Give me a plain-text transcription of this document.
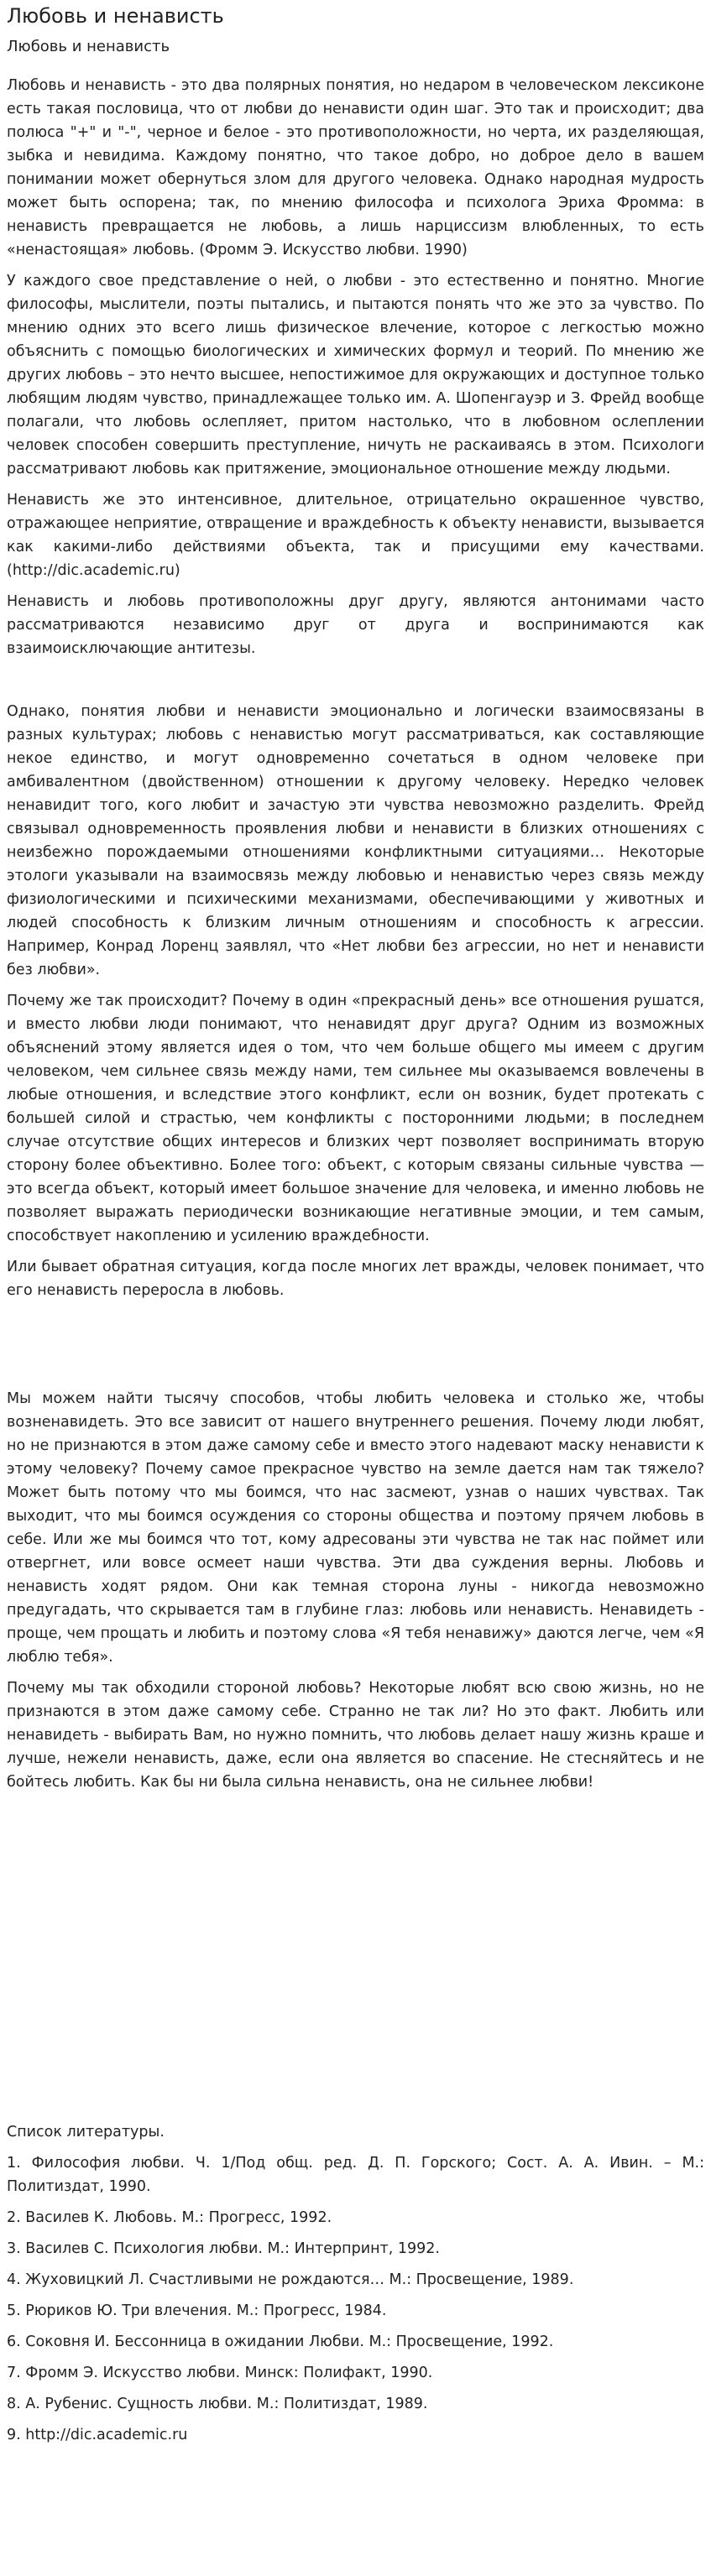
Любовь и ненависть
Любовь и ненависть

Любовь и ненависть - это два полярных понятия, но недаром в человеческом лексиконе есть такая пословица, что от любви до ненависти один шаг. Это так и происходит; два полюса "+" и "-", черное и белое - это противоположности, но черта, их разделяющая, зыбка и невидима. Каждому понятно, что такое добро, но доброе дело в вашем понимании может обернуться злом для другого человека. Однако народная мудрость может быть оспорена; так, по мнению философа и психолога Эриха Фромма: в ненависть превращается не любовь, а лишь нарциссизм влюбленных, то есть «ненастоящая» любовь. (Фромм Э. Искусство любви. 1990)

У каждого свое представление о ней, о любви - это естественно и понятно. Многие философы, мыслители, поэты пытались, и пытаются понять что же это за чувство. По мнению одних это всего лишь физическое влечение, которое с легкостью можно объяснить с помощью биологических и химических формул и теорий. По мнению же других любовь – это нечто высшее, непостижимое для окружающих и доступное только любящим людям чувство, принадлежащее только им. А. Шопенгауэр и З. Фрейд вообще полагали, что любовь ослепляет, притом настолько, что в любовном ослеплении человек способен совершить преступление, ничуть не раскаиваясь в этом. Психологи рассматривают любовь как притяжение, эмоциональное отношение между людьми.

Ненависть же это интенсивное, длительное, отрицательно окрашенное чувство, отражающее неприятие, отвращение и враждебность к объекту ненависти, вызывается как какими-либо действиями объекта, так и присущими ему качествами.(http://dic.academic.ru)

Ненависть и любовь противоположны друг другу, являются антонимами часто рассматриваются независимо друг от друга и воспринимаются как взаимоисключающие антитезы.

Однако, понятия любви и ненависти эмоционально и логически взаимосвязаны в разных культурах; любовь с ненавистью могут рассматриваться, как составляющие некое единство, и могут одновременно сочетаться в одном человеке при амбивалентном (двойственном) отношении к другому человеку. Нередко человек ненавидит того, кого любит и зачастую эти чувства невозможно разделить. Фрейд связывал одновременность проявления любви и ненависти в близких отношениях с неизбежно порождаемыми отношениями конфликтными ситуациями… Некоторые этологи указывали на взаимосвязь между любовью и ненавистью через связь между физиологическими и психическими механизмами, обеспечивающими у животных и людей способность к близким личным отношениям и способность к агрессии. Например, Конрад Лоренц заявлял, что «Нет любви без агрессии, но нет и ненависти без любви».

Почему же так происходит? Почему в один «прекрасный день» все отношения рушатся, и вместо любви люди понимают, что ненавидят друг друга? Одним из возможных объяснений этому является идея о том, что чем больше общего мы имеем с другим человеком, чем сильнее связь между нами, тем сильнее мы оказываемся вовлечены в любые отношения, и вследствие этого конфликт, если он возник, будет протекать с большей силой и страстью, чем конфликты с посторонними людьми; в последнем случае отсутствие общих интересов и близких черт позволяет воспринимать вторую сторону более объективно. Более того: объект, с которым связаны сильные чувства — это всегда объект, который имеет большое значение для человека, и именно любовь не позволяет выражать периодически возникающие негативные эмоции, и тем самым, способствует накоплению и усилению враждебности.

Или бывает обратная ситуация, когда после многих лет вражды, человек понимает, что его ненависть переросла в любовь.

Мы можем найти тысячу способов, чтобы любить человека и столько же, чтобы возненавидеть. Это все зависит от нашего внутреннего решения. Почему люди любят, но не признаются в этом даже самому себе и вместо этого надевают маску ненависти к этому человеку? Почему самое прекрасное чувство на земле дается нам так тяжело? Может быть потому что мы боимся, что нас засмеют, узнав о наших чувствах. Так выходит, что мы боимся осуждения со стороны общества и поэтому прячем любовь в себе. Или же мы боимся что тот, кому адресованы эти чувства не так нас поймет или отвергнет, или вовсе осмеет наши чувства. Эти два суждения верны. Любовь и ненависть ходят рядом. Они как темная сторона луны - никогда невозможно предугадать, что скрывается там в глубине глаз: любовь или ненависть. Ненавидеть - проще, чем прощать и любить и поэтому слова «Я тебя ненавижу» даются легче, чем «Я люблю тебя».

Почему мы так обходили стороной любовь? Некоторые любят всю свою жизнь, но не признаются в этом даже самому себе. Странно не так ли? Но это факт. Любить или ненавидеть - выбирать Вам, но нужно помнить, что любовь делает нашу жизнь краше и лучше, нежели ненависть, даже, если она является во спасение. Не стесняйтесь и не бойтесь любить. Как бы ни была сильна ненависть, она не сильнее любви!

Список литературы.
1. Философия любви. Ч. 1/Под общ. ред. Д. П. Горского; Сост. А. А. Ивин. – М.: Политиздат, 1990.
2. Василев К. Любовь. М.: Прогресс, 1992.
3. Василев С. Психология любви. М.: Интерпринт, 1992.
4. Жуховицкий Л. Счастливыми не рождаются… М.: Просвещение, 1989.
5. Рюриков Ю. Три влечения. М.: Прогресс, 1984.
6. Соковня И. Бессонница в ожидании Любви. М.: Просвещение, 1992.
7. Фромм Э. Искусство любви. Минск: Полифакт, 1990.
8. А. Рубенис. Сущность любви. М.: Политиздат, 1989.
9. http://dic.academic.ru
